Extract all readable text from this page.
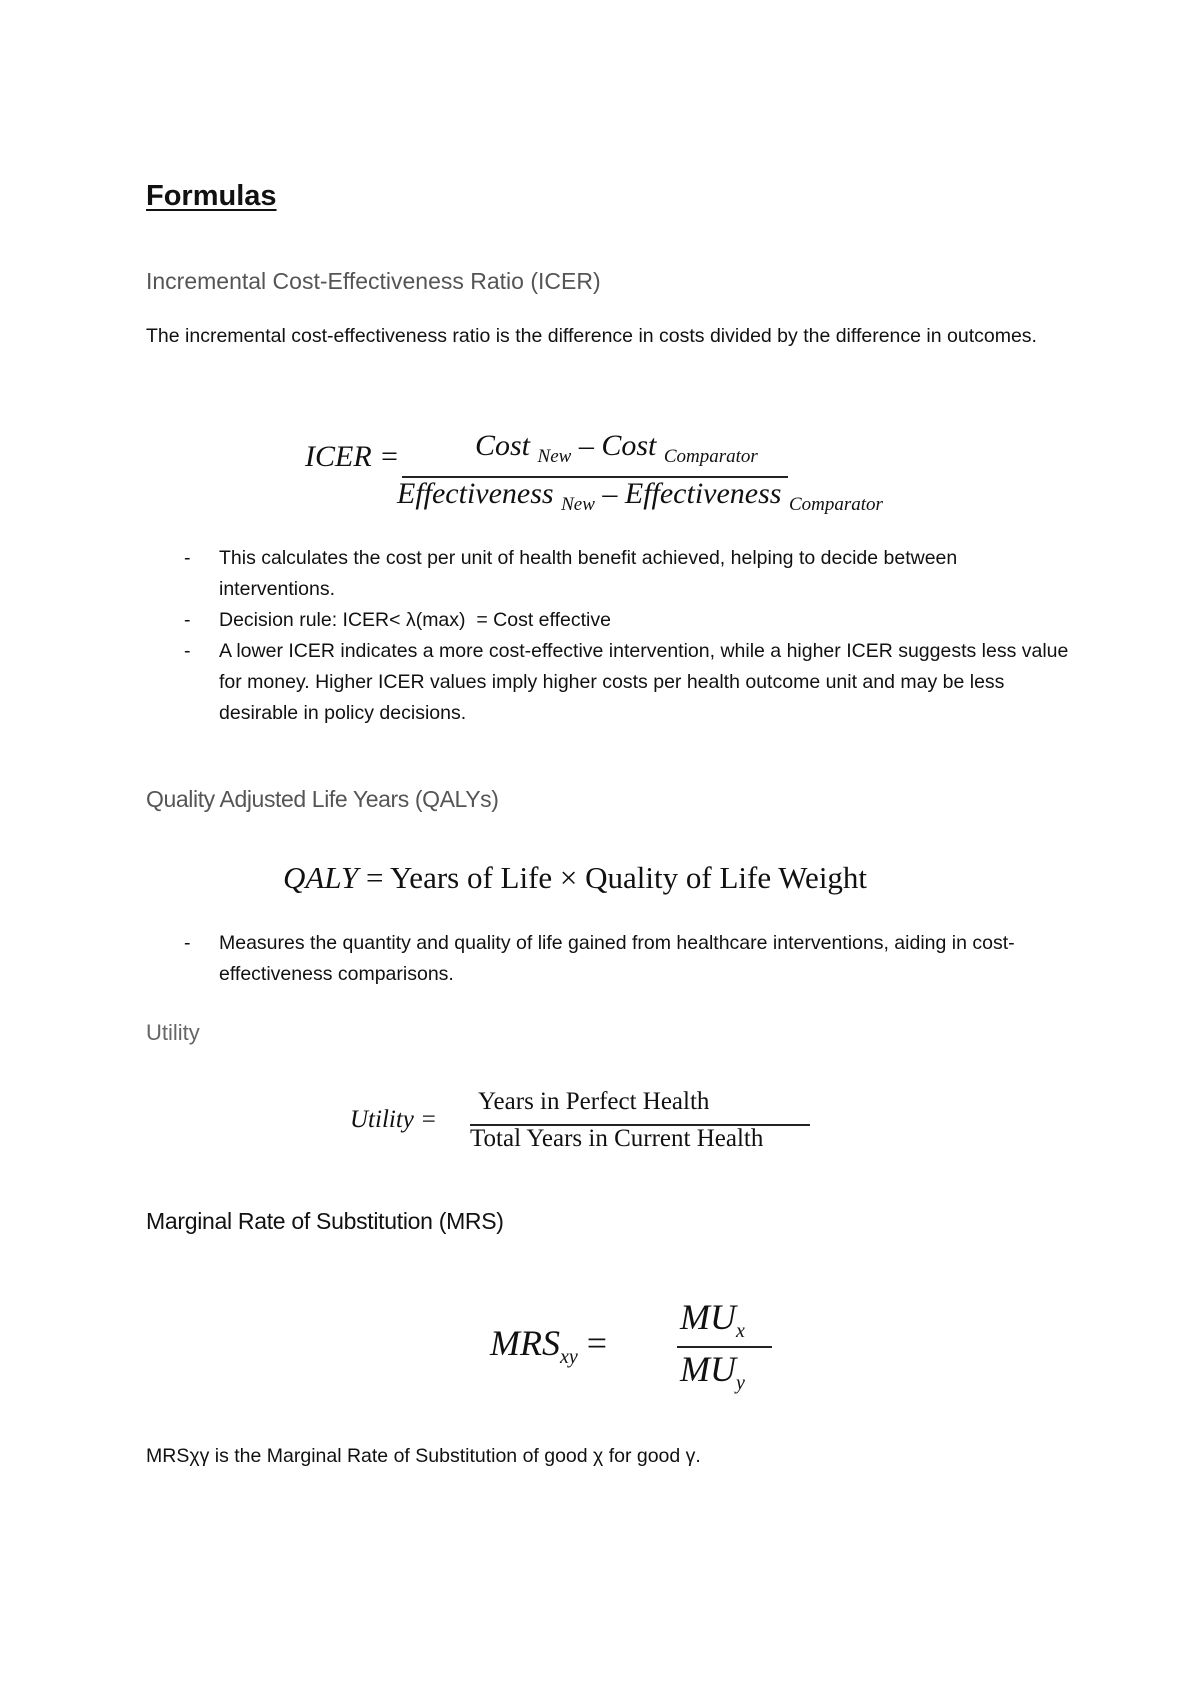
Formulas
Incremental Cost-Effectiveness Ratio (ICER)

The incremental cost-effectiveness ratio is the difference in costs divided by the difference in outcomes.

ICER =	Cost $_{New}$ – Cost $_{Comparator}$
Effectiveness $_{New}$ – Effectiveness $_{Comparator}$
- This calculates the cost per unit of health benefit achieved, helping to decide between interventions.
- Decision rule: ICER< λ(max)  = Cost effective
- A lower ICER indicates a more cost-effective intervention, while a higher ICER suggests less value for money. Higher ICER values imply higher costs per health outcome unit and may be less desirable in policy decisions.
Quality Adjusted Life Years (QALYs)
QALY = Years of Life × Quality of Life Weight
- Measures the quantity and quality of life gained from healthcare interventions, aiding in cost-effectiveness comparisons.
Utility
Utility =
Years in Perfect Health
Total Years in Current Health
Marginal Rate of Substitution (MRS)
$MRS_{xy}$ =
$MU_x$
$MU_y$

MRSχγ is the Marginal Rate of Substitution of good χ for good γ.
